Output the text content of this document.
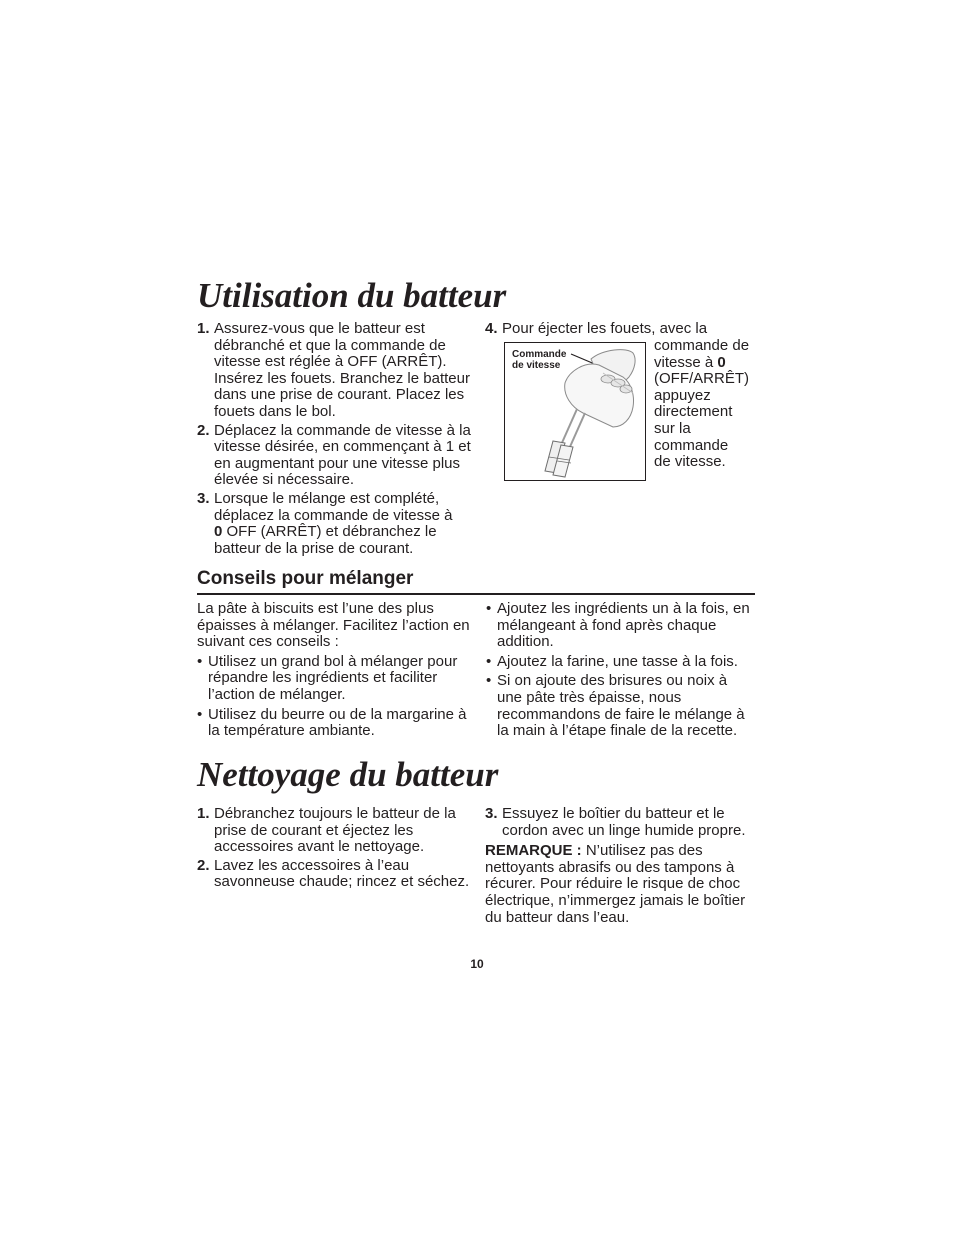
Utilisation du batteur
1. Assurez-vous que le batteur est débranché et que la commande de vitesse est réglée à OFF (ARRÊT). Insérez les fouets. Branchez le batteur dans une prise de courant. Placez les fouets dans le bol.
2. Déplacez la commande de vitesse à la vitesse désirée, en commençant à 1 et en augmentant pour une vitesse plus élevée si nécessaire.
3. Lorsque le mélange est complété, déplacez la commande de vitesse à
0 OFF (ARRÊT) et débranchez le batteur de la prise de courant.
4. Pour éjecter les fouets, avec la
commande de
vitesse à 0
(OFF/ARRÊT)
appuyez
directement
sur la
commande
de vitesse.
Commande
de vitesse
Conseils pour mélanger
La pâte à biscuits est l’une des plus épaisses à mélanger. Facilitez l’action en suivant ces conseils :
• Utilisez un grand bol à mélanger pour répandre les ingrédients et faciliter l’action de mélanger.
• Utilisez du beurre ou de la margarine à la température ambiante.
• Ajoutez les ingrédients un à la fois, en mélangeant à fond après chaque addition.
• Ajoutez la farine, une tasse à la fois.
• Si on ajoute des brisures ou noix à une pâte très épaisse, nous recommandons de faire le mélange à la main à l’étape finale de la recette.
Nettoyage du batteur
1. Débranchez toujours le batteur de la prise de courant et éjectez les accessoires avant le nettoyage.
2. Lavez les accessoires à l’eau savonneuse chaude; rincez et séchez.
3. Essuyez le boîtier du batteur et le cordon avec un linge humide propre.
REMARQUE : N’utilisez pas des nettoyants abrasifs ou des tampons à récurer. Pour réduire le risque de choc électrique, n’immergez jamais le boîtier du batteur dans l’eau.
10
